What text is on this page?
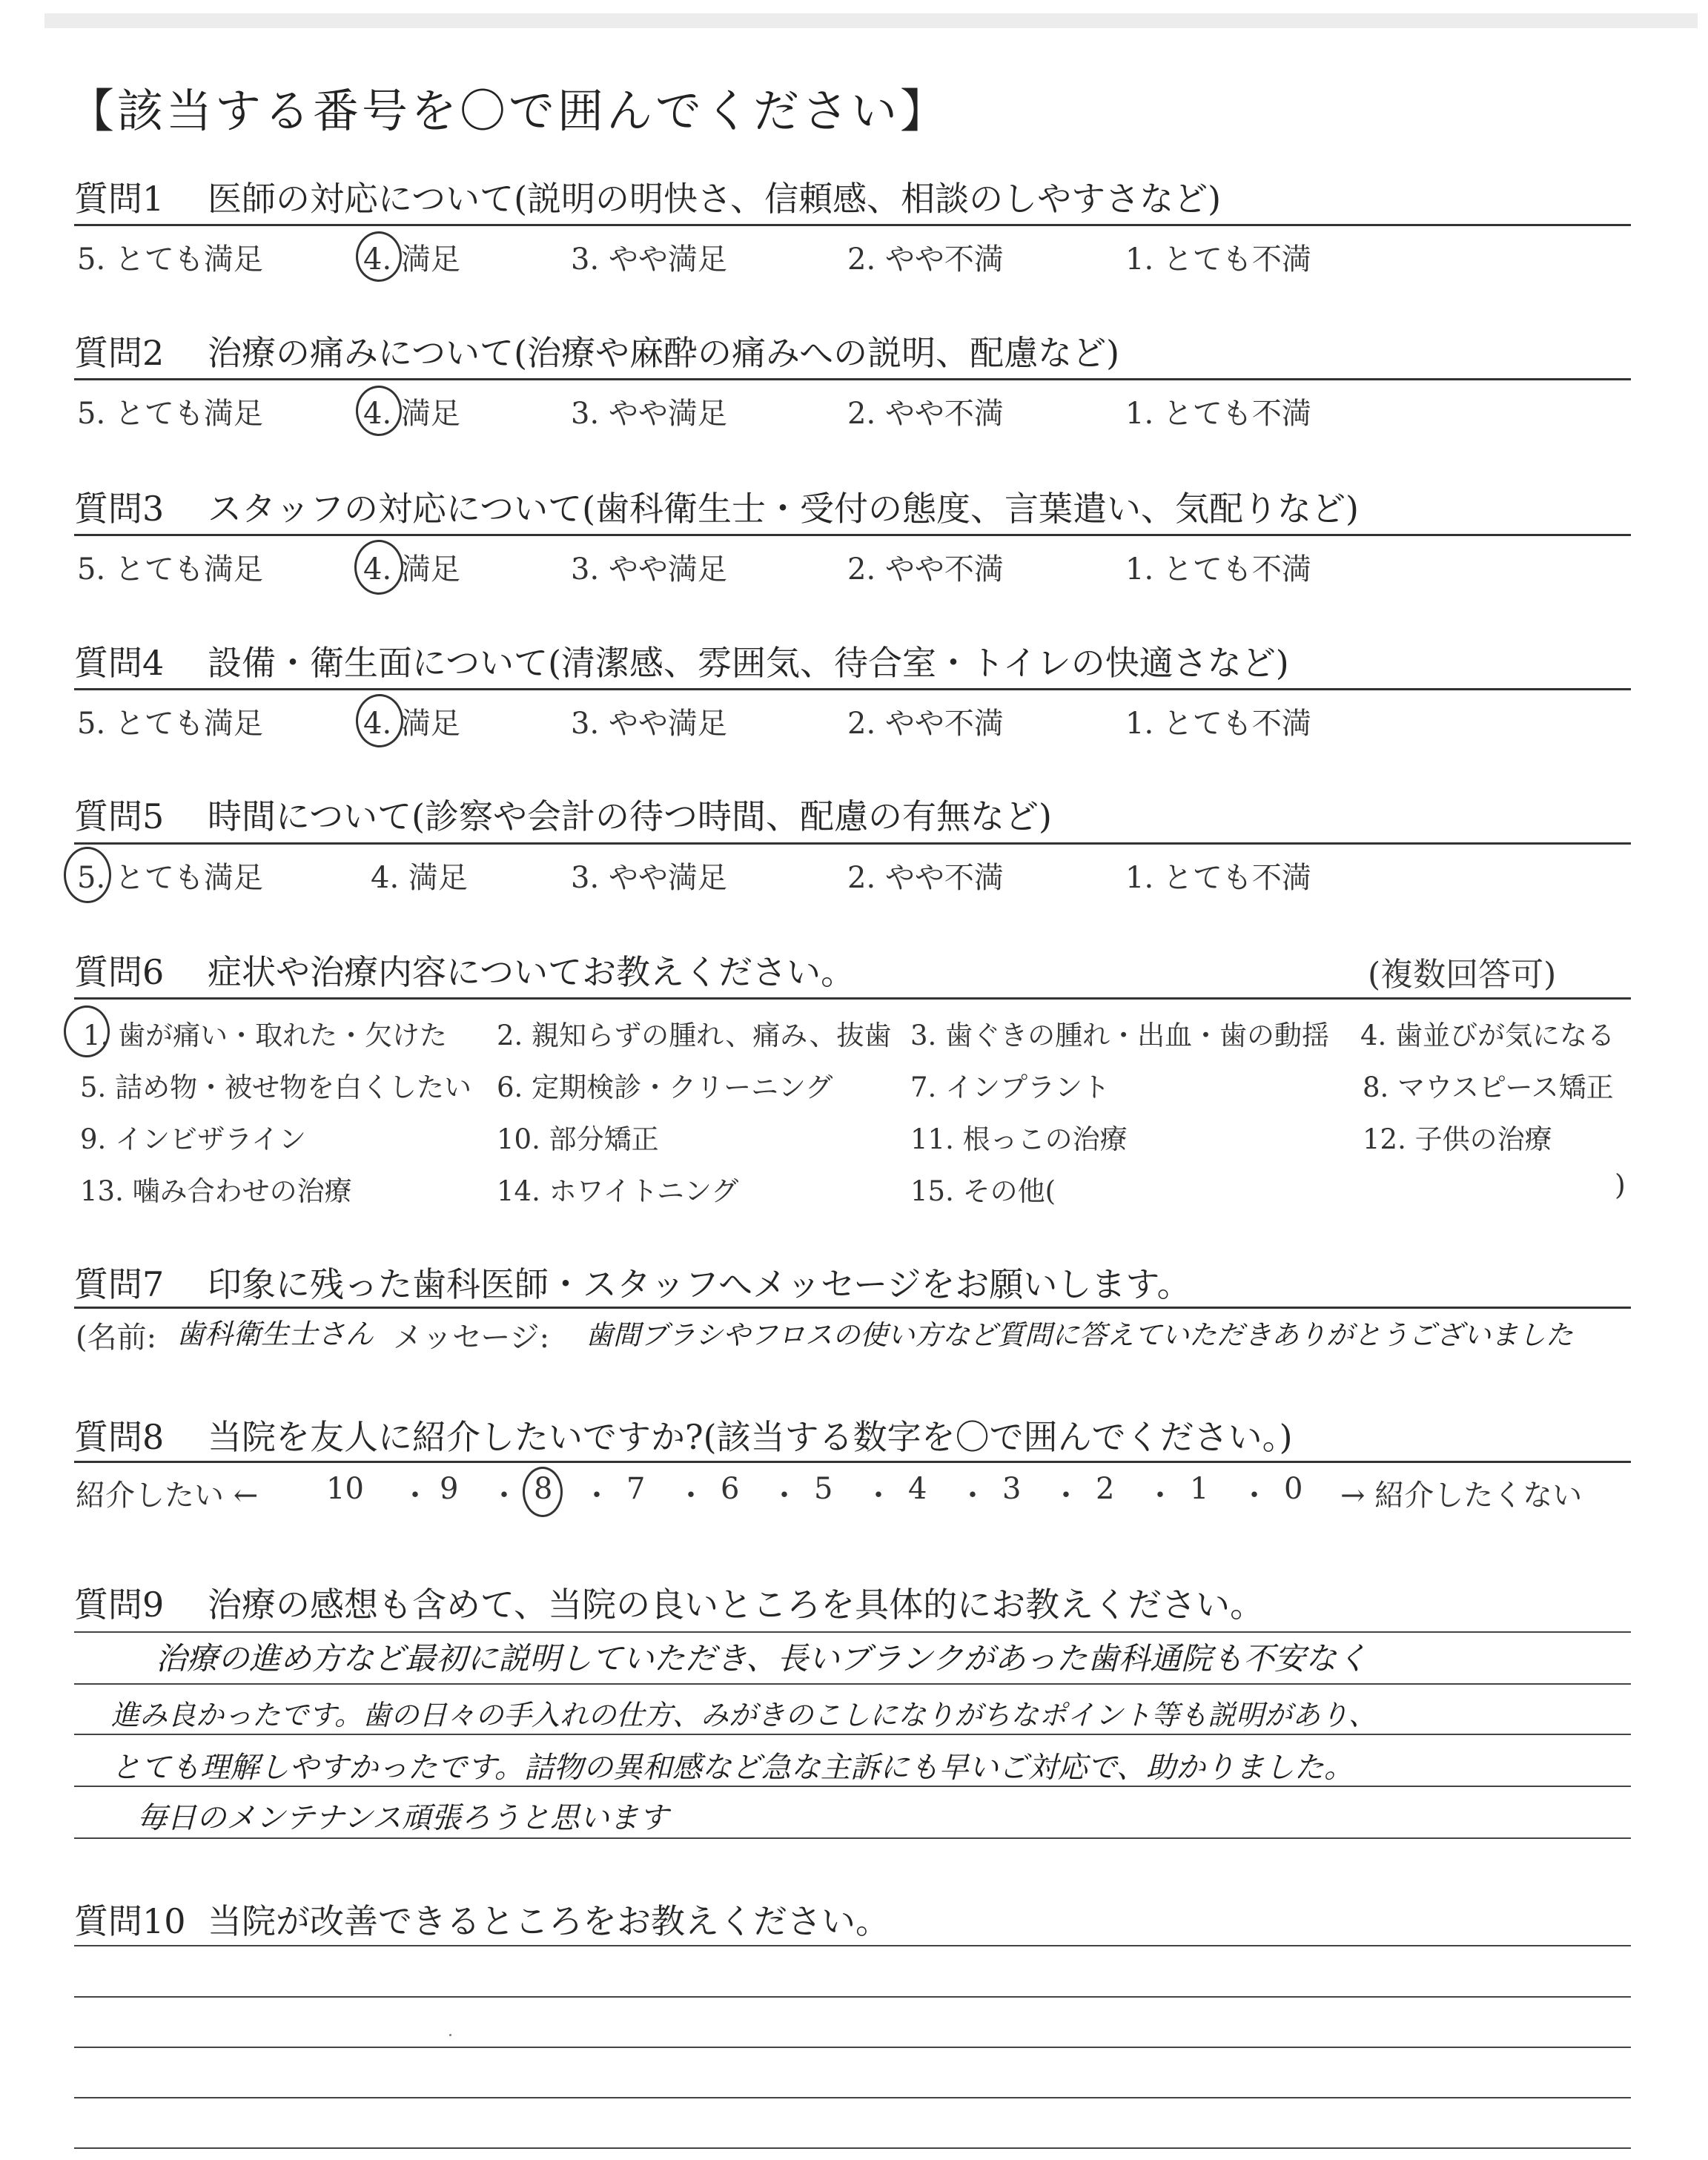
【該当する番号を〇で囲んでください】
質問1 医師の対応について(説明の明快さ、信頼感、相談のしやすさなど)
5. とても満足	4. 満足	3. やや満足	2. やや不満	1. とても不満
質問2 治療の痛みについて(治療や麻酔の痛みへの説明、配慮など)
5. とても満足	4. 満足	3. やや満足	2. やや不満	1. とても不満
質問3 スタッフの対応について(歯科衛生士・受付の態度、言葉遣い、気配りなど)
5. とても満足	4. 満足	3. やや満足	2. やや不満	1. とても不満
質問4 設備・衛生面について(清潔感、雰囲気、待合室・トイレの快適さなど)
5. とても満足	4. 満足	3. やや満足	2. やや不満	1. とても不満
質問5 時間について(診察や会計の待つ時間、配慮の有無など)
5. とても満足	4. 満足	3. やや満足	2. やや不満	1. とても不満
質問6 症状や治療内容についてお教えください。	(複数回答可)
1. 歯が痛い・取れた・欠けた 2. 親知らずの腫れ、痛み、抜歯 3. 歯ぐきの腫れ・出血・歯の動揺 4. 歯並びが気になる
5. 詰め物・被せ物を白くしたい 6. 定期検診・クリーニング	7. インプラント	8. マウスピース矯正
9. インビザライン	10. 部分矯正	11. 根っこの治療	12. 子供の治療
13. 噛み合わせの治療	14. ホワイトニング	15. その他(	)
質問7 印象に残った歯科医師・スタッフへメッセージをお願いします。
(名前: 歯科衛生士さん メッセージ: 歯間ブラシやフロスの使い方など質問に答えていただきありがとうございました
質問8 当院を友人に紹介したいですか?(該当する数字を〇で囲んでください。)
紹介したい ← 10 ・ 9 ・ 8 ・ 7 ・ 6 ・ 5 ・ 4 ・ 3 ・ 2 ・ 1 ・ 0 → 紹介したくない
質問9 治療の感想も含めて、当院の良いところを具体的にお教えください。
治療の進め方など最初に説明していただき、長いブランクがあった歯科通院も不安なく
進み良かったです。歯の日々の手入れの仕方、みがきのこしになりがちなポイント等も説明があり、
とても理解しやすかったです。詰物の異和感など急な主訴にも早いご対応で、助かりました。
毎日のメンテナンス頑張ろうと思います
質問10 当院が改善できるところをお教えください。
